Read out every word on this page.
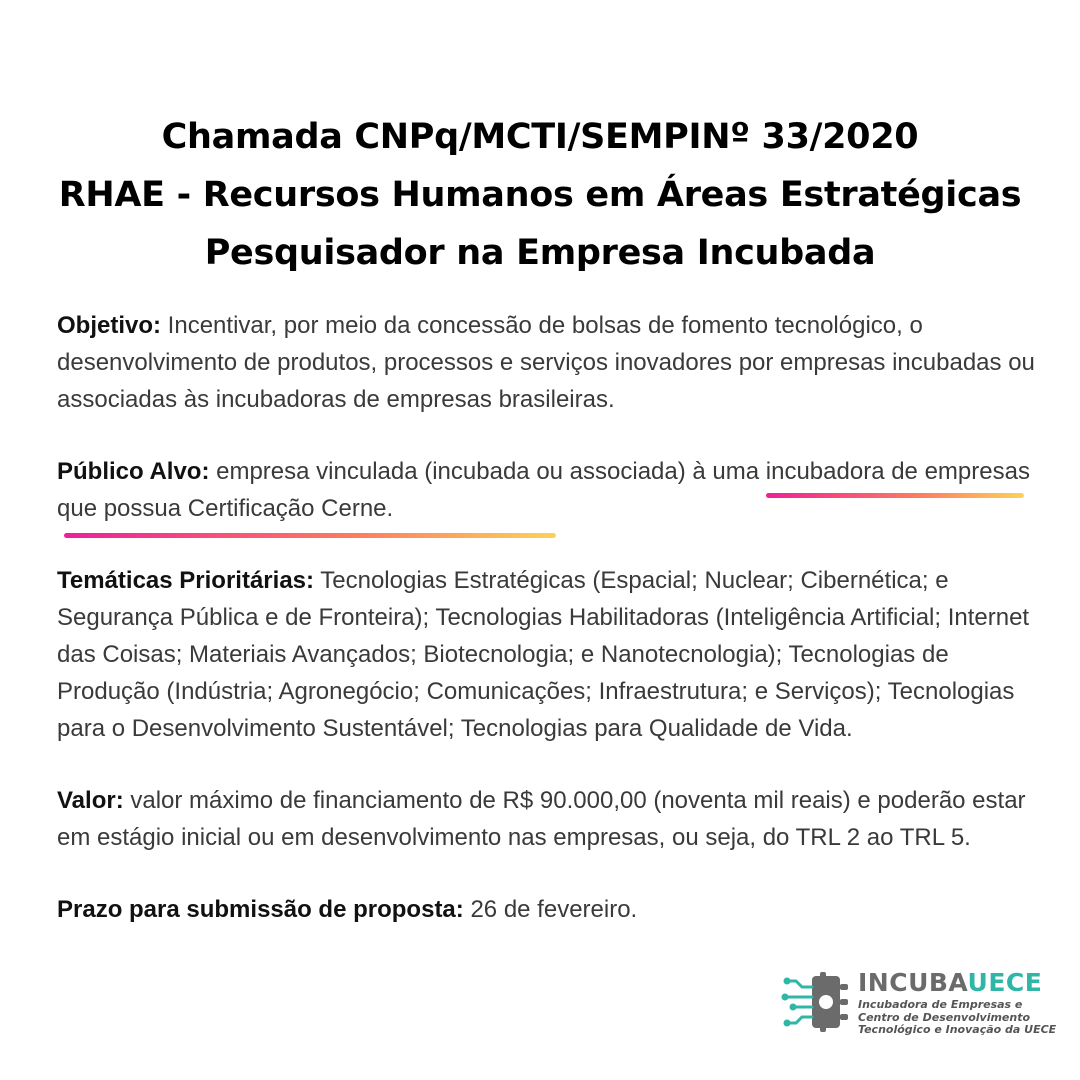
Chamada CNPq/MCTI/SEMPINº 33/2020
RHAE - Recursos Humanos em Áreas Estratégicas
Pesquisador na Empresa Incubada

Objetivo: Incentivar, por meio da concessão de bolsas de fomento tecnológico, o desenvolvimento de produtos, processos e serviços inovadores por empresas incubadas ou associadas às incubadoras de empresas brasileiras.

Público Alvo: empresa vinculada (incubada ou associada) à uma incubadora de empresas que possua Certificação Cerne.

Temáticas Prioritárias: Tecnologias Estratégicas (Espacial; Nuclear; Cibernética; e Segurança Pública e de Fronteira); Tecnologias Habilitadoras (Inteligência Artificial; Internet das Coisas; Materiais Avançados; Biotecnologia; e Nanotecnologia); Tecnologias de Produção (Indústria; Agronegócio; Comunicações; Infraestrutura; e Serviços); Tecnologias para o Desenvolvimento Sustentável; Tecnologias para Qualidade de Vida.

Valor: valor máximo de financiamento de R$ 90.000,00 (noventa mil reais) e poderão estar em estágio inicial ou em desenvolvimento nas empresas, ou seja, do TRL 2 ao TRL 5.

Prazo para submissão de proposta: 26 de fevereiro.

INCUBAUECE
Incubadora de Empresas e
Centro de Desenvolvimento
Tecnológico e Inovação da UECE
